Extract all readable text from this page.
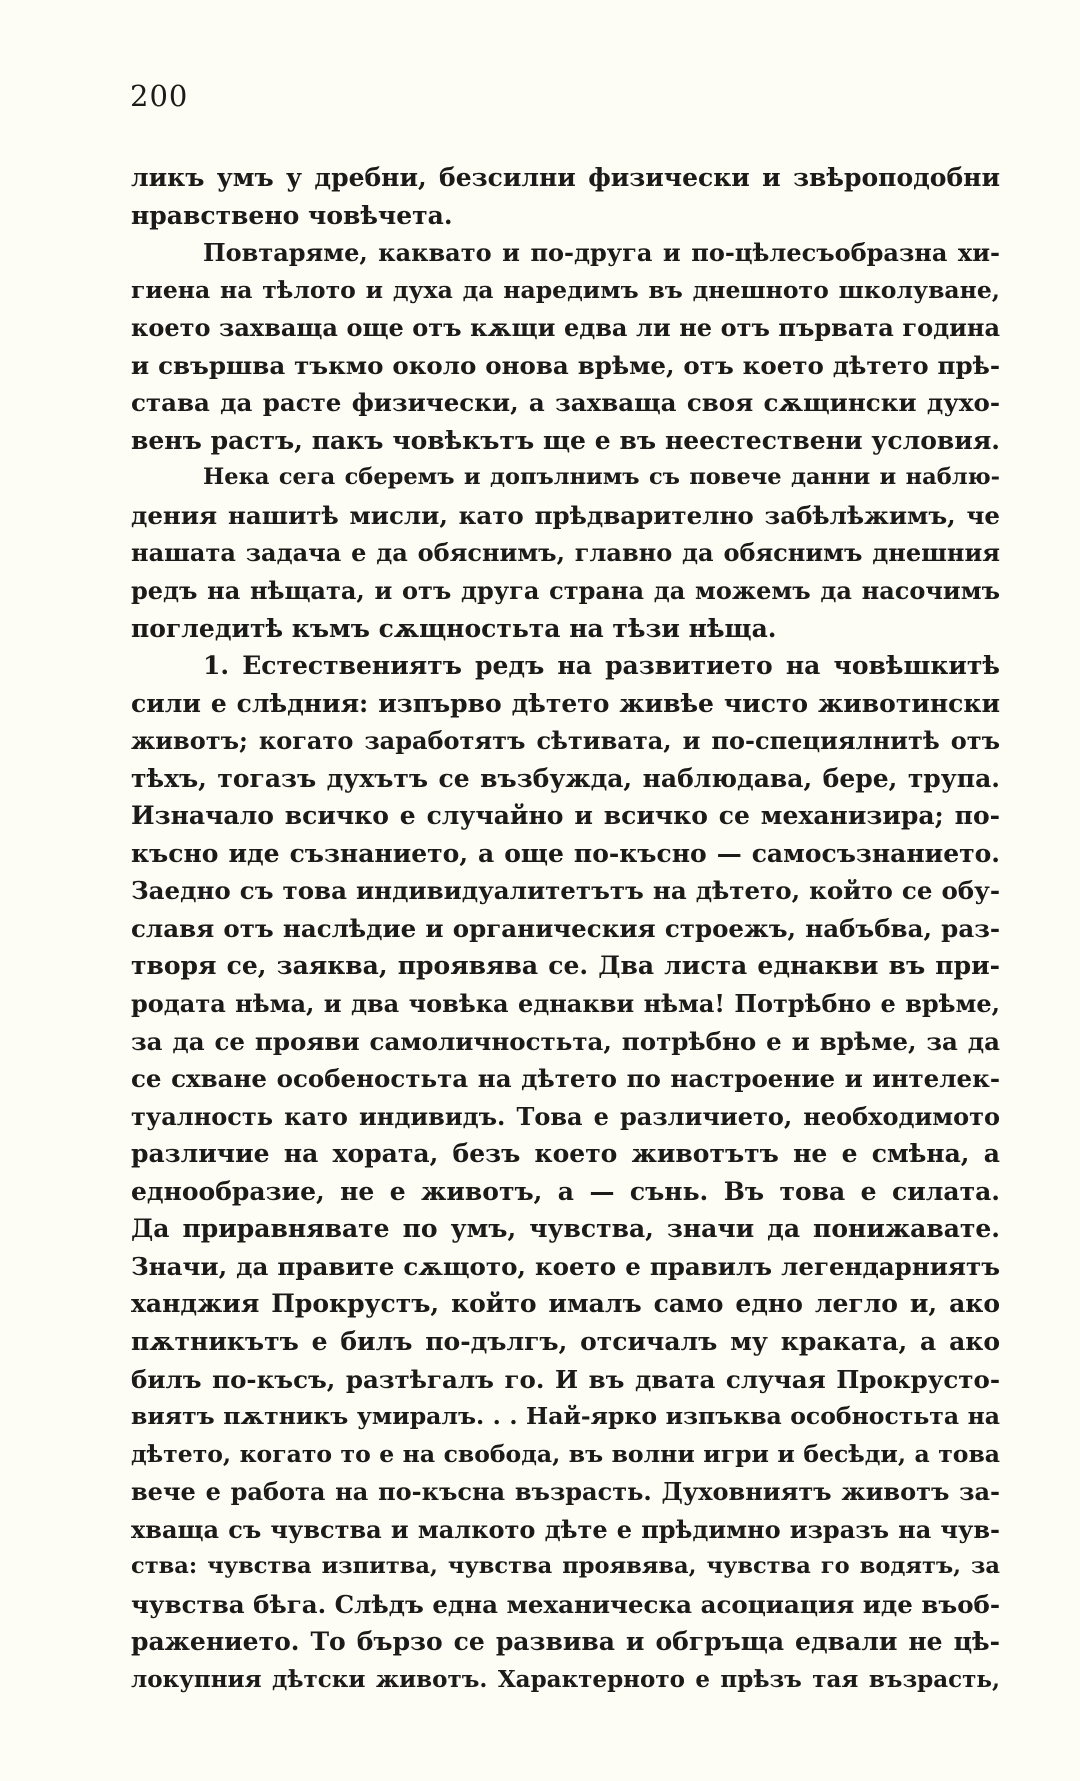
200
ликъ умъ у дребни, безсилни физически и звѣроподобни
нравствено човѣчета.
Повтаряме, каквато и по-друга и по-цѣлесъобразна хи-
гиена на тѣлото и духа да наредимъ въ днешното школуване,
което захваща още отъ кѫщи едва ли не отъ първата година
и свършва тъкмо около онова врѣме, отъ което дѣтето прѣ-
става да расте физически, а захваща своя сѫщински духо-
венъ растъ, пакъ човѣкътъ ще е въ неестествени условия.
Нека сега сберемъ и допълнимъ съ повече данни и наблю-
дения нашитѣ мисли, като прѣдварително забѣлѣжимъ, че
нашата задача е да обяснимъ, главно да обяснимъ днешния
редъ на нѣщата, и отъ друга страна да можемъ да насочимъ
погледитѣ къмъ сѫщностьта на тѣзи нѣща.
1. Естествениятъ редъ на развитието на човѣшкитѣ
сили е слѣдния: изпърво дѣтето живѣе чисто животински
животъ; когато заработятъ сѣтивата, и по-специялнитѣ отъ
тѣхъ, тогазъ духътъ се възбужда, наблюдава, бере, трупа.
Изначало всичко е случайно и всичко се механизира; по-
късно иде съзнанието, а още по-късно — самосъзнанието.
Заедно съ това индивидуалитетътъ на дѣтето, който се обу-
славя отъ наслѣдие и органическия строежъ, набъбва, раз-
творя се, заяква, проявява се. Два листа еднакви въ при-
родата нѣма, и два човѣка еднакви нѣма! Потрѣбно е врѣме,
за да се прояви самоличностьта, потрѣбно е и врѣме, за да
се схване особеностьта на дѣтето по настроение и интелек-
туалность като индивидъ. Това е различието, необходимото
различие на хората, безъ което животътъ не е смѣна, а
еднообразие, не е животъ, а — сънь. Въ това е силата.
Да приравнявате по умъ, чувства, значи да понижавате.
Значи, да правите сѫщото, което е правилъ легендарниятъ
ханджия Прокрустъ, който ималъ само едно легло и, ако
пѫтникътъ е билъ по-дългъ, отсичалъ му краката, а ако
билъ по-късъ, разтѣгалъ го. И въ двата случая Прокрусто-
виятъ пѫтникъ умиралъ. . . Най-ярко изпъква особностьта на
дѣтето, когато то е на свобода, въ волни игри и бесѣди, а това
вече е работа на по-късна възрасть. Духовниятъ животъ за-
хваща съ чувства и малкото дѣте е прѣдимно изразъ на чув-
ства: чувства изпитва, чувства проявява, чувства го водятъ, за
чувства бѣга. Слѣдъ една механическа асоциация иде въоб-
ражението. То бързо се развива и обгръща едвали не цѣ-
локупния дѣтски животъ. Характерното е прѣзъ тая възрасть,
